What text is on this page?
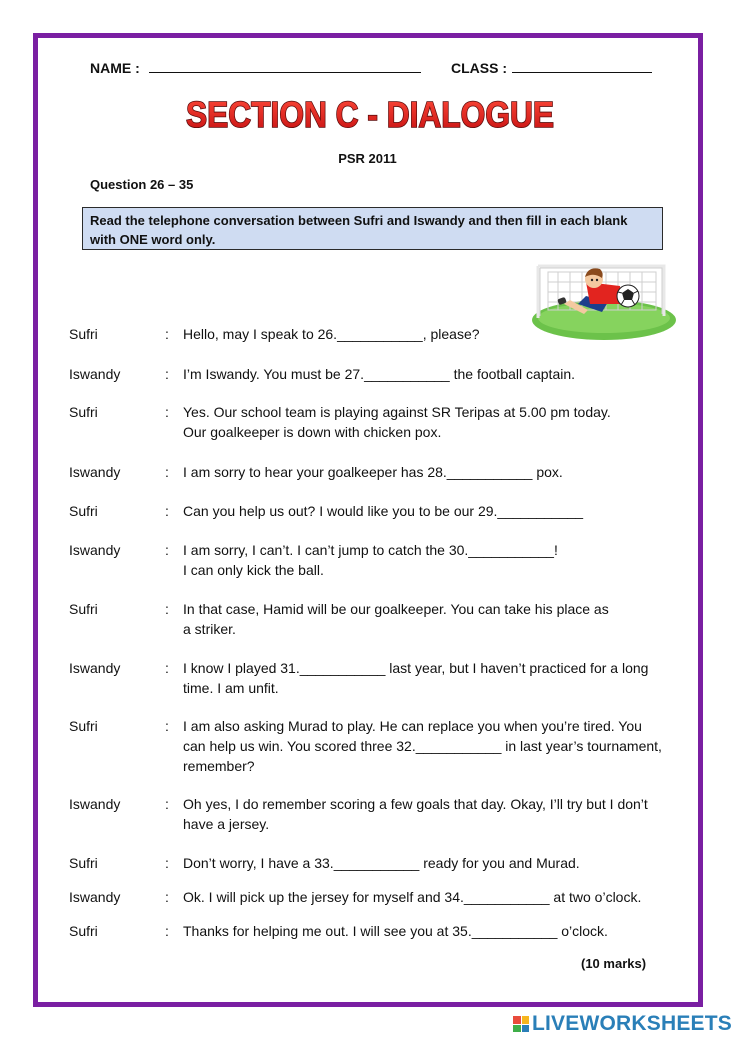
NAME :	CLASS :
SECTION C - DIALOGUE
PSR 2011
Question 26 – 35
Read the telephone conversation between Sufri and Iswandy and then fill in each blank with ONE word only.
Sufri	: Hello, may I speak to 26.___________, please?
Iswandy	: I’m Iswandy. You must be 27.___________ the football captain.
Sufri	: Yes. Our school team is playing against SR Teripas at 5.00 pm today.
Our goalkeeper is down with chicken pox.
Iswandy	: I am sorry to hear your goalkeeper has 28.___________ pox.
Sufri	: Can you help us out? I would like you to be our 29.___________
Iswandy	: I am sorry, I can’t. I can’t jump to catch the 30.___________!
I can only kick the ball.
Sufri	: In that case, Hamid will be our goalkeeper. You can take his place as
a striker.
Iswandy	: I know I played 31.___________ last year, but I haven’t practiced for a long
time. I am unfit.
Sufri	: I am also asking Murad to play. He can replace you when you’re tired. You
can help us win. You scored three 32.___________ in last year’s tournament,
remember?
Iswandy	: Oh yes, I do remember scoring a few goals that day. Okay, I’ll try but I don’t
have a jersey.
Sufri	: Don’t worry, I have a 33.___________ ready for you and Murad.
Iswandy	: Ok. I will pick up the jersey for myself and 34.___________ at two o’clock.
Sufri	: Thanks for helping me out. I will see you at 35.___________ o’clock.
(10 marks)
LIVEWORKSHEETS
